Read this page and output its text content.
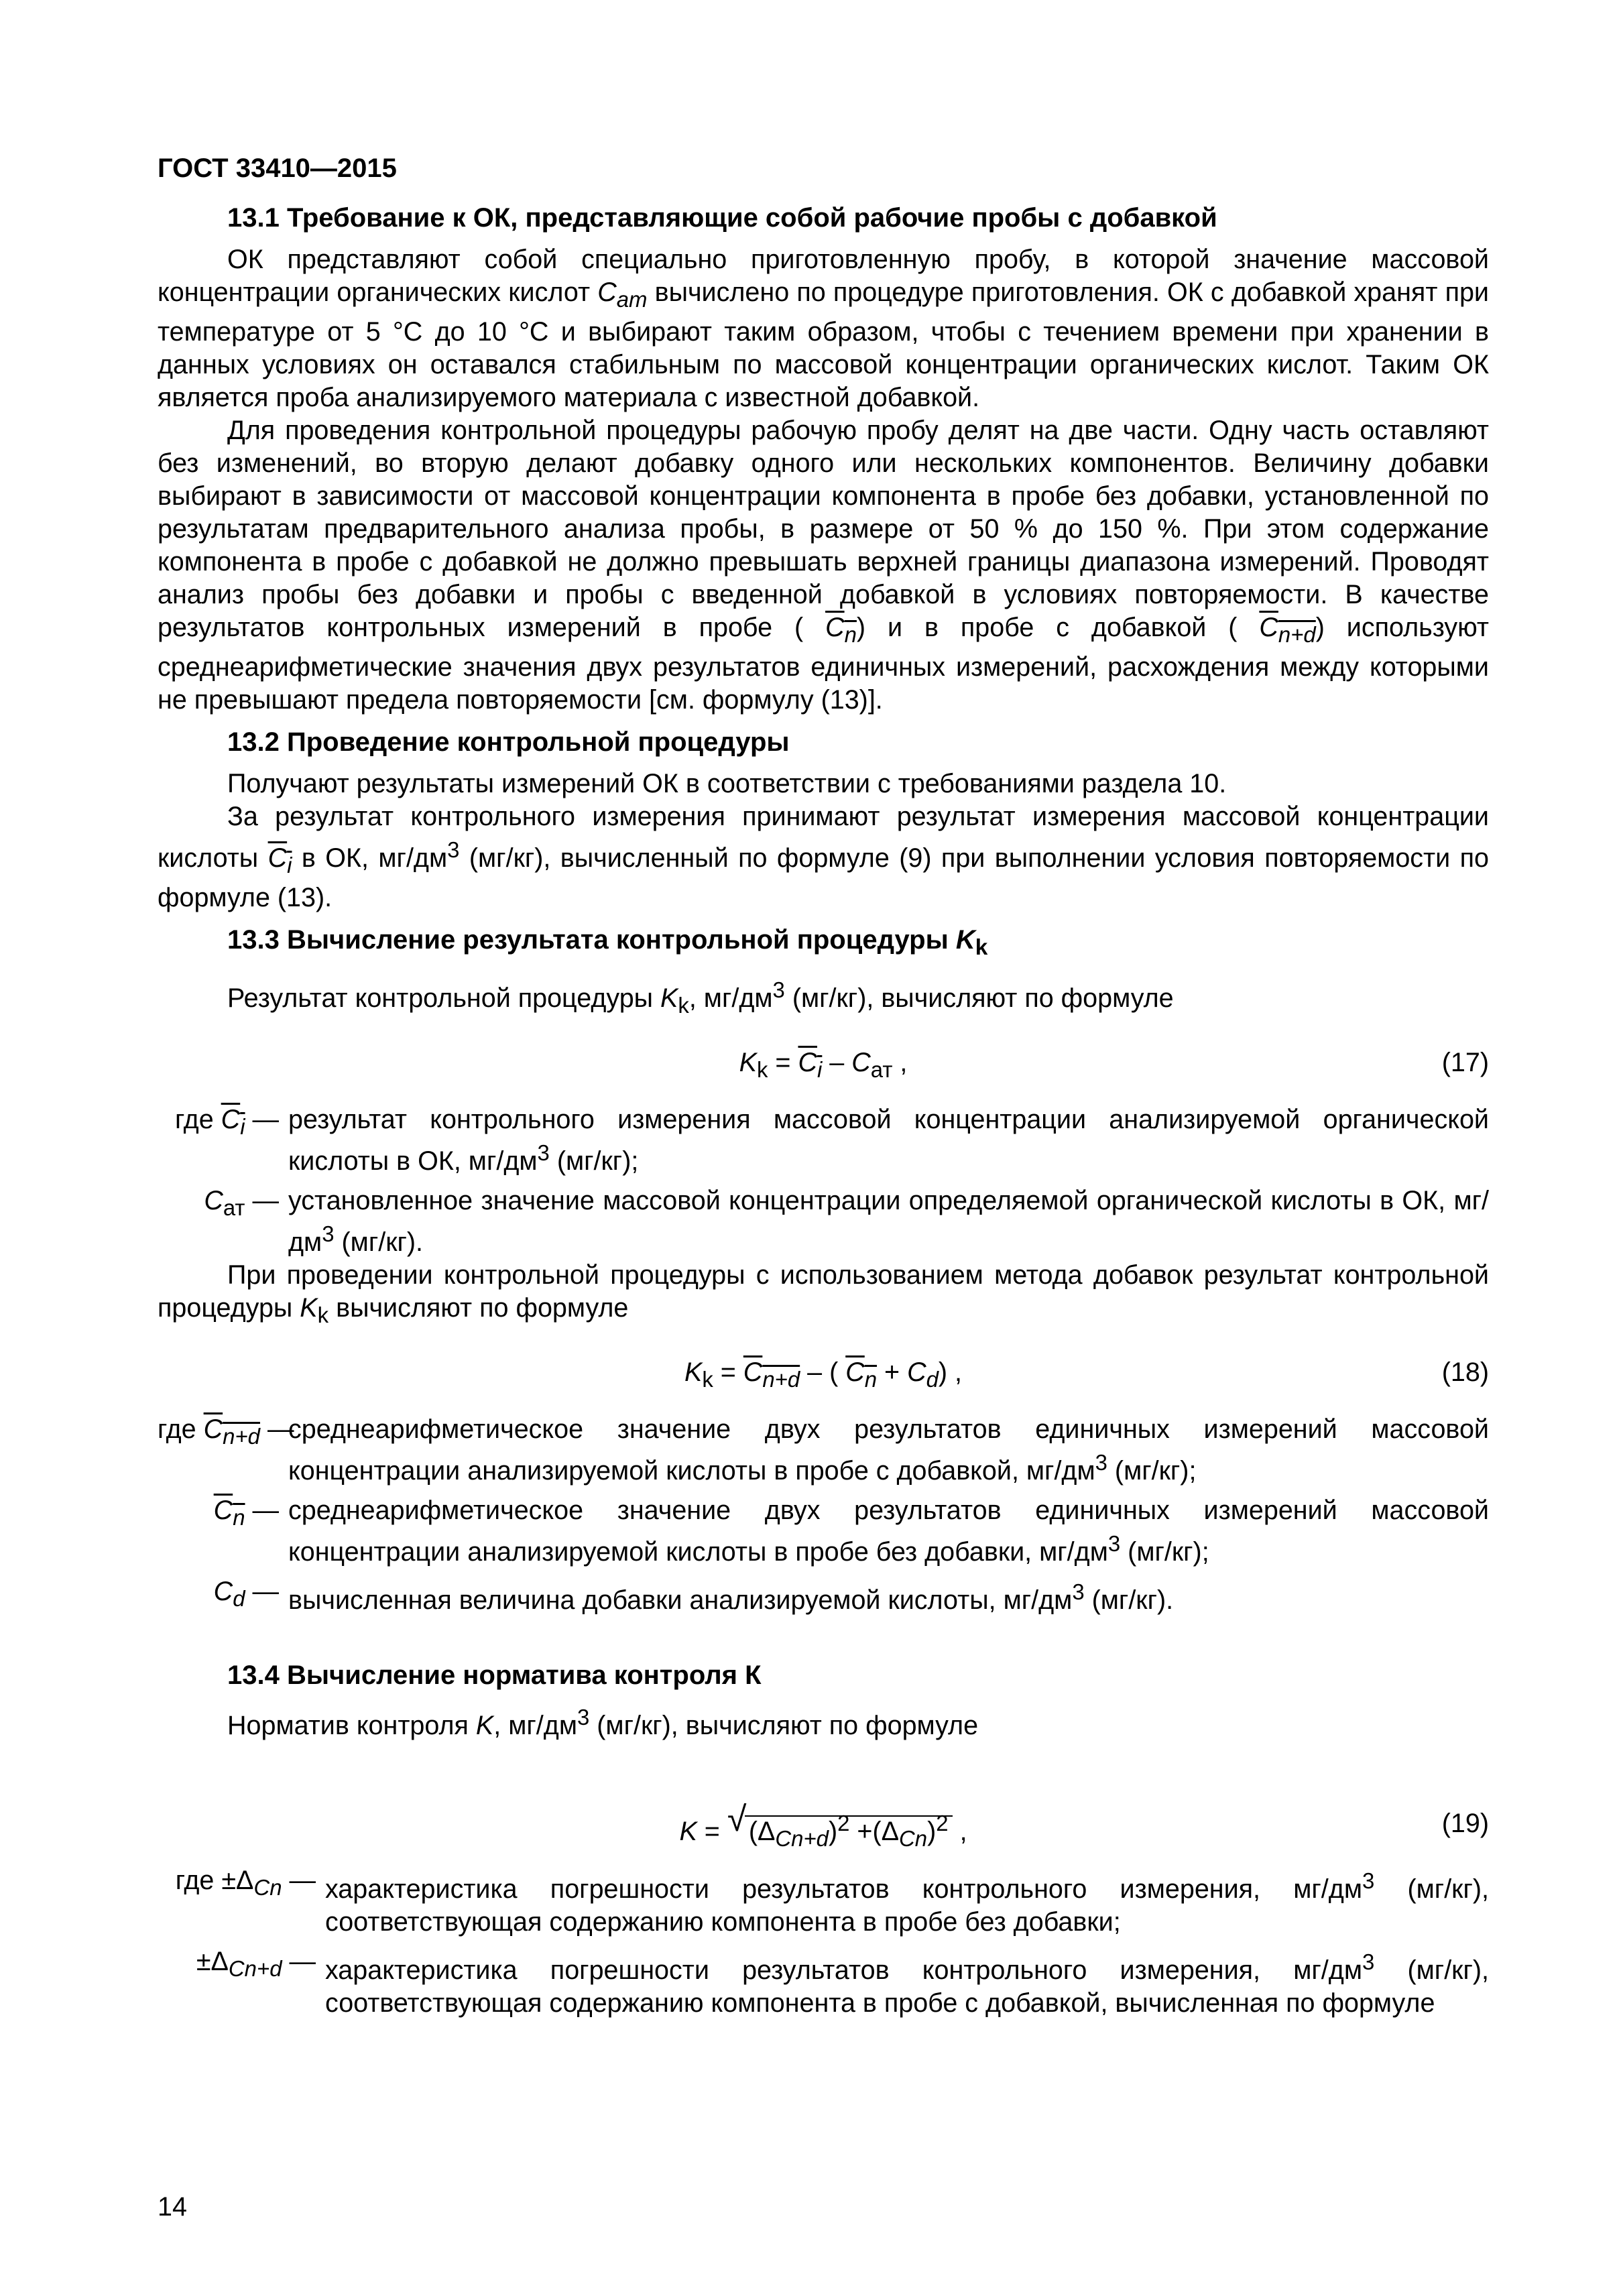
ГОСТ 33410—2015
13.1 Требование к ОК, представляющие собой рабочие пробы с добавкой

ОК представляют собой специально приготовленную пробу, в которой значение массовой концентрации органических кислот $С_{ат}$ вычислено по процедуре приготовления. ОК с добавкой хранят при температуре от 5 °С до 10 °С и выбирают таким образом, чтобы с течением времени при хранении в данных условиях он оставался стабильным по массовой концентрации органических кислот. Таким ОК является проба анализируемого материала с известной добавкой.

Для проведения контрольной процедуры рабочую пробу делят на две части. Одну часть оставляют без изменений, во вторую делают добавку одного или нескольких компонентов. Величину добавки выбирают в зависимости от массовой концентрации компонента в пробе без добавки, установленной по результатам предварительного анализа пробы, в размере от 50 % до 150 %. При этом содержание компонента в пробе с добавкой не должно превышать верхней границы диапазона измерений. Проводят анализ пробы без добавки и пробы с введенной добавкой в условиях повторяемости. В качестве результатов контрольных измерений в пробе ( $C_n$) и в пробе с добавкой ( $C_{n+d}$) используют среднеарифметические значения двух результатов единичных измерений, расхождения между которыми не превышают предела повторяемости [см. формулу (13)].

13.2 Проведение контрольной процедуры

Получают результаты измерений ОК в соответствии с требованиями раздела 10.

За результат контрольного измерения принимают результат измерения массовой концентрации кислоты $C_i$ в ОК, $мг/дм^3$ (мг/кг), вычисленный по формуле (9) при выполнении условия повторяемости по формуле (13).

13.3 Вычисление результата контрольной процедуры $K_k$

Результат контрольной процедуры $K_k$, $мг/дм^3$ (мг/кг), вычисляют по формуле

$K_k = C_i - C_{ат}$ ,	(17)
где $C_i$ — результат контрольного измерения массовой концентрации анализируемой органической кислоты в ОК, $мг/дм^3$ (мг/кг);
$C_{ат}$ — установленное значение массовой концентрации определяемой органической кислоты в ОК, $мг/дм^3$ (мг/кг).

При проведении контрольной процедуры с использованием метода добавок результат контрольной процедуры $K_k$ вычисляют по формуле

$K_k = C_{n+d}$ – ( $C_n + C_d$) ,	(18)
где $C_{n+d}$ —
среднеарифметическое значение двух результатов единичных измерений массовой концентрации анализируемой кислоты в пробе с добавкой, $мг/дм^3$ (мг/кг);
$C_n$ — среднеарифметическое значение двух результатов единичных измерений массовой концентрации анализируемой кислоты в пробе без добавки, $мг/дм^3$ (мг/кг);
$C_d$ — вычисленная величина добавки анализируемой кислоты, $мг/дм^3$ (мг/кг).
13.4 Вычисление норматива контроля К

Норматив контроля K, $мг/дм^3$ (мг/кг), вычисляют по формуле

K = √ $(\Delta_{Cn+d})^2 +(\Delta_{Cn})^2$ ,	(19)
где $\pm\Delta_{Cn}$ — характеристика погрешности результатов контрольного измерения, $мг/дм^3$ (мг/кг), соответствующая содержанию компонента в пробе без добавки;
$\pm\Delta_{Cn+d}$ — характеристика погрешности результатов контрольного измерения, $мг/дм^3$ (мг/кг), соответствующая содержанию компонента в пробе с добавкой, вычисленная по формуле
14
